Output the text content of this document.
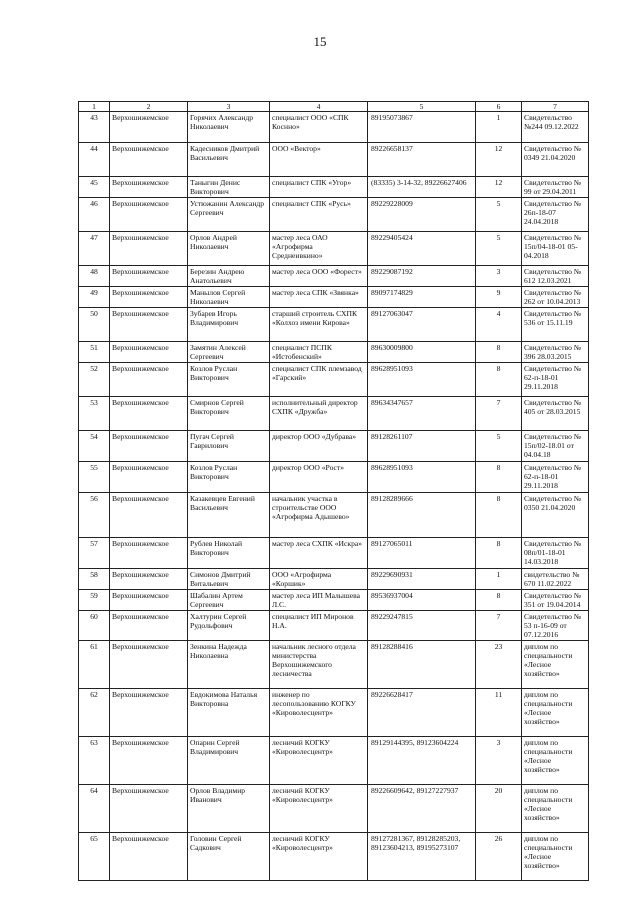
15
1	2	3	4	5	6	7
43	Верхошижемское	Горячих Александр Николаевич	специалист ООО «СПК Коснно»	89195073867	1	Свидетельство №244 09.12.2022
44	Верхошижемское	Кадесников Дмитрий Васильевич	ООО «Вектор»	89226658137	12	Свидетельство № 0349 21.04.2020
45	Верхошижемское	Таныгин Денис Викторович	специалист СПК «Угор»	(83335) 3-14-32, 89226627406	12	Свидетельство № 99 от 29.04.2011
46	Верхошижемское	Устюжанин Александр Сергеевич	специалист СПК «Русь»	89229228009	5	Свидетельство № 26п-18-07 24.04.2018
47	Верхошижемское	Орлов Андрей Николаевич	мастер леса ОАО «Агрофирма Среднеивкино»	89229405424	5	Свидетельство № 15п/04-18-01 05-04.2018
48	Верхошижемское	Березин Андрею Анатольевич	мастер леса ООО «Форест»	89229087192	3	Свидетельство № 612 12.03.2021
49	Верхошижемское	Манылов Сергей Николаевич	мастер леса СПК «Звянка»	89097174829	9	Свидетельство № 262 от 10.04.2013
50	Верхошижемское	Зубарев Игорь Владимирович	старший строитель СХПК «Колхоз имени Кирова»	89127063047	4	Свидетельство № 536 от 15.11.19
51	Верхошижемское	Замятин Алексей Сергеевич	специалист ПСПК «Истобенский»	89630009800	8	Свидетельство № 396 28.03.2015
52	Верхошижемское	Козлов Руслан Викторович	специалист СПК племзавод «Гарский»	89628951093	8	Свидетельство № 62-п-18-01 29.11.2018
53	Верхошижемское	Смирнов Сергей Викторович	исполнительный директор СХПК «Дружба»	89634347657	7	Свидетельство № 405 от 28.03.2015
54	Верхошижемское	Пугач Сергей Гаврилович	директор ООО «Дубрава»	89128261107	5	Свидетельство № 15п/02-18.01 от 04.04.18
55	Верхошижемское	Козлов Руслан Викторович	директор ООО «Рост»	89628951093	8	Свидетельство № 62-п-18-01 29.11.2018
56	Верхошижемское	Казакевцев Евгений Васильевич	начальник участка в строительстве ООО «Агрофирма Адышево»	89128289666	8	Свидетельство № 0350 21.04.2020
57	Верхошижемское	Рублев Николай Викторович	мастер леса СХПК «Искра»	89127065011	8	Свидетельство № 08п/01-18-01 14.03.2018
58	Верхошижемское	Симонов Дмитрий Витальевич	ООО «Агрофирма «Коршик»	89229690931	1	свидетельство № 670 11.02.2022
59	Верхошижемское	Шабалин Артем Сергеевич	мастер леса ИП Малышева Л.С.	89536937004	8	Свидетельство № 351 от 19.04.2014
60	Верхошижемское	Халтурин Сергей Рудольфович	специалист ИП Миронов Н.А.	89229247815	7	Свидетельство № 53 п-16-09 от 07.12.2016
61	Верхошижемское	Зенкина Надежда Николаевна	начальник лесного отдела министерства Верхошижемского лесничества	89128288416	23	диплом по специальности «Лесное хозяйство»
62	Верхошижемское	Евдокимова Наталья Викторовна	инженер по лесопользованию КОГКУ «Кироволесцентр»	89226628417	11	диплом по специальности «Лесное хозяйство»
63	Верхошижемское	Опарин Сергей Владимирович	лесничий КОГКУ «Кироволесцентр»	89129144395, 89123604224	3	диплом по специальности «Лесное хозяйство»
64	Верхошижемское	Орлов Владимир Иванович	лесничий КОГКУ «Кироволесцентр»	89226609642, 89127227937	20	диплом по специальности «Лесное хозяйство»
65	Верхошижемское	Головин Сергей Садкович	лесничий КОГКУ «Кироволесцентр»	89127281367, 89128285203, 89123604213, 89195273107	26	диплом по специальности «Лесное хозяйство»
